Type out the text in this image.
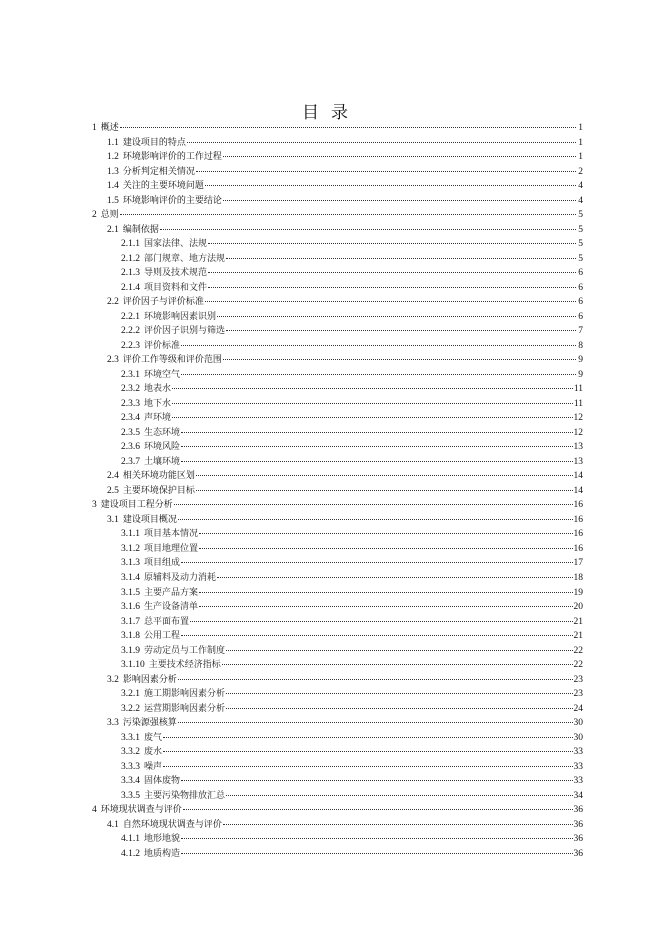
目录
1 概述	1
1.1 建设项目的特点	1
1.2 环境影响评价的工作过程	1
1.3 分析判定相关情况	2
1.4 关注的主要环境问题	4
1.5 环境影响评价的主要结论	4
2 总则	5
2.1 编制依据	5
2.1.1 国家法律、法规	5
2.1.2 部门规章、地方法规	5
2.1.3 导则及技术规范	6
2.1.4 项目资料和文件	6
2.2 评价因子与评价标准	6
2.2.1 环境影响因素识别	6
2.2.2 评价因子识别与筛选	7
2.2.3 评价标准	8
2.3 评价工作等级和评价范围	9
2.3.1 环境空气	9
2.3.2 地表水	11
2.3.3 地下水	11
2.3.4 声环境	12
2.3.5 生态环境	12
2.3.6 环境风险	13
2.3.7 土壤环境	13
2.4 相关环境功能区划	14
2.5 主要环境保护目标	14
3 建设项目工程分析	16
3.1 建设项目概况	16
3.1.1 项目基本情况	16
3.1.2 项目地理位置	16
3.1.3 项目组成	17
3.1.4 原辅料及动力消耗	18
3.1.5 主要产品方案	19
3.1.6 生产设备清单	20
3.1.7 总平面布置	21
3.1.8 公用工程	21
3.1.9 劳动定员与工作制度	22
3.1.10 主要技术经济指标	22
3.2 影响因素分析	23
3.2.1 施工期影响因素分析	23
3.2.2 运营期影响因素分析	24
3.3 污染源强核算	30
3.3.1 废气	30
3.3.2 废水	33
3.3.3 噪声	33
3.3.4 固体废物	33
3.3.5 主要污染物排放汇总	34
4 环境现状调查与评价	36
4.1 自然环境现状调查与评价	36
4.1.1 地形地貌	36
4.1.2 地质构造	36
